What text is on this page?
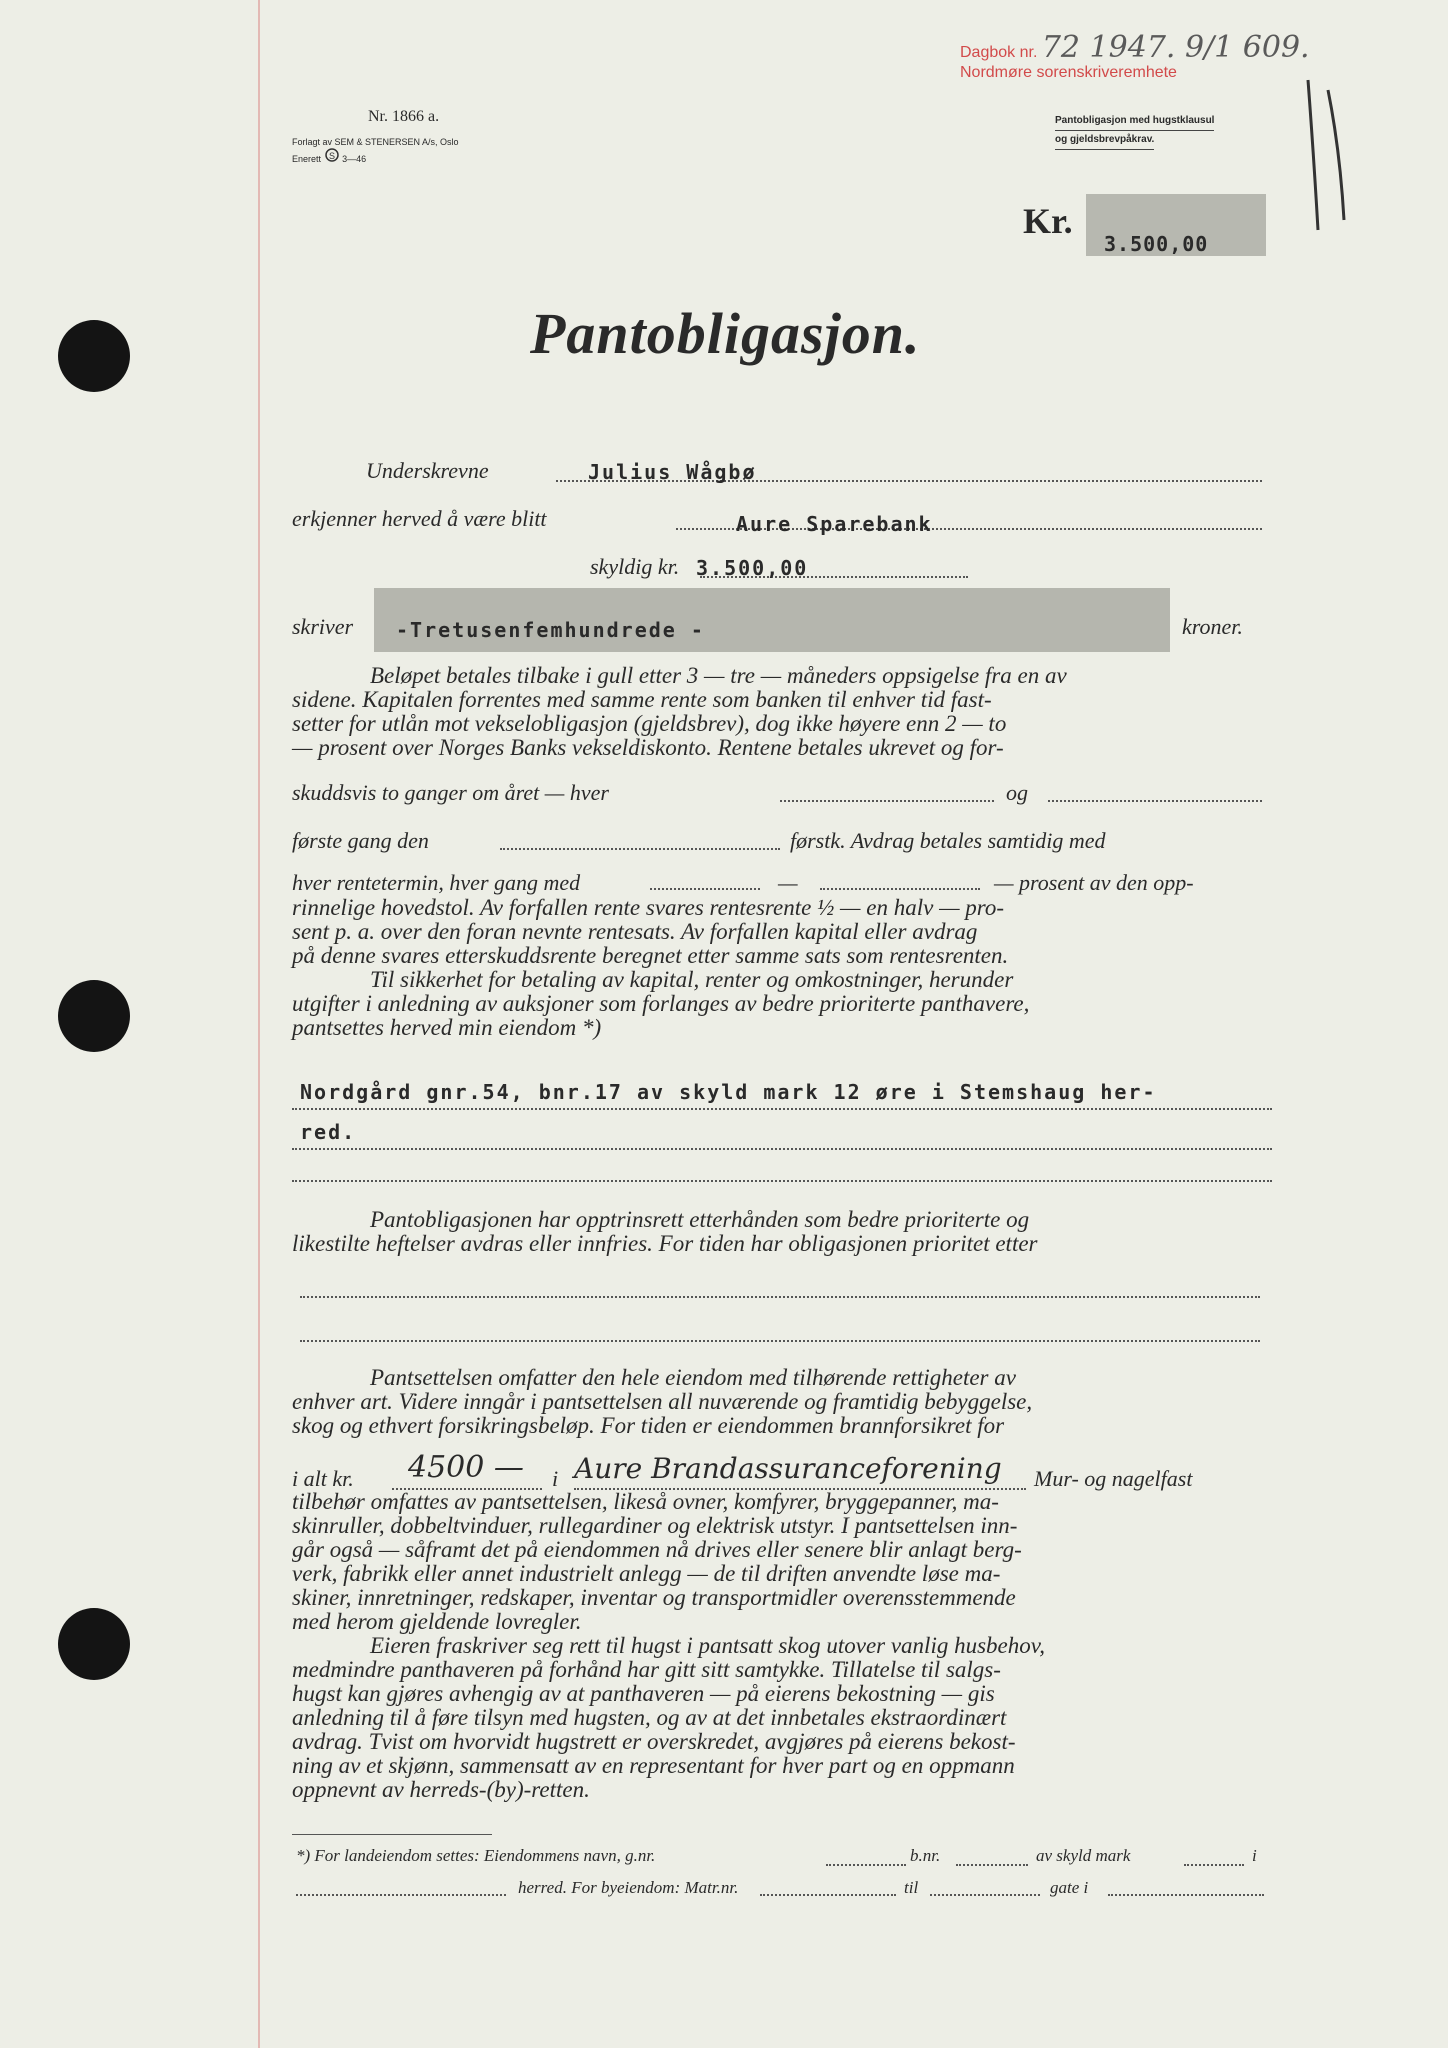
Nr. 1866 a.
Forlagt av SEM & STENERSEN A/s, Oslo
Enerett S 3—46
Dagbok nr. 72 1947. 9/1 609.
Nordmøre sorenskriveremhete
Pantobligasjon med hugstklausul
og gjeldsbrevpåkrav.
Kr.
3.500,00
Pantobligasjon.
Underskrevne	Julius Wågbø
erkjenner herved å være blitt	Aure Sparebank
skyldig kr. 3.500,00
skriver -Tretusenfemhundrede -	kroner.
Beløpet betales tilbake i gull etter 3 — tre — måneders oppsigelse fra en av
sidene. Kapitalen forrentes med samme rente som banken til enhver tid fast-
setter for utlån mot vekselobligasjon (gjeldsbrev), dog ikke høyere enn 2 — to
— prosent over Norges Banks vekseldiskonto. Rentene betales ukrevet og for-
skuddsvis to ganger om året — hver	og
første gang den	førstk. Avdrag betales samtidig med
hver rentetermin, hver gang med	—	— prosent av den opp-
rinnelige hovedstol. Av forfallen rente svares rentesrente ½ — en halv — pro-
sent p. a. over den foran nevnte rentesats. Av forfallen kapital eller avdrag
på denne svares etterskuddsrente beregnet etter samme sats som rentesrenten.
Til sikkerhet for betaling av kapital, renter og omkostninger, herunder
utgifter i anledning av auksjoner som forlanges av bedre prioriterte panthavere,
pantsettes herved min eiendom *)
Nordgård gnr.54, bnr.17 av skyld mark 12 øre i Stemshaug her-
red.
Pantobligasjonen har opptrinsrett etterhånden som bedre prioriterte og
likestilte heftelser avdras eller innfries. For tiden har obligasjonen prioritet etter
Pantsettelsen omfatter den hele eiendom med tilhørende rettigheter av
enhver art. Videre inngår i pantsettelsen all nuværende og framtidig bebyggelse,
skog og ethvert forsikringsbeløp. For tiden er eiendommen brannforsikret for
i alt kr. 4500 — i Aure Brandassuranceforening Mur- og nagelfast
tilbehør omfattes av pantsettelsen, likeså ovner, komfyrer, bryggepanner, ma-
skinruller, dobbeltvinduer, rullegardiner og elektrisk utstyr. I pantsettelsen inn-
går også — såframt det på eiendommen nå drives eller senere blir anlagt berg-
verk, fabrikk eller annet industrielt anlegg — de til driften anvendte løse ma-
skiner, innretninger, redskaper, inventar og transportmidler overensstemmende
med herom gjeldende lovregler.
Eieren fraskriver seg rett til hugst i pantsatt skog utover vanlig husbehov,
medmindre panthaveren på forhånd har gitt sitt samtykke. Tillatelse til salgs-
hugst kan gjøres avhengig av at panthaveren — på eierens bekostning — gis
anledning til å føre tilsyn med hugsten, og av at det innbetales ekstraordinært
avdrag. Tvist om hvorvidt hugstrett er overskredet, avgjøres på eierens bekost-
ning av et skjønn, sammensatt av en representant for hver part og en oppmann
oppnevnt av herreds-(by)-retten.
*) For landeiendom settes: Eiendommens navn, g.nr.	b.nr.	av skyld mark	i
herred. For byeiendom: Matr.nr.	til	gate i
